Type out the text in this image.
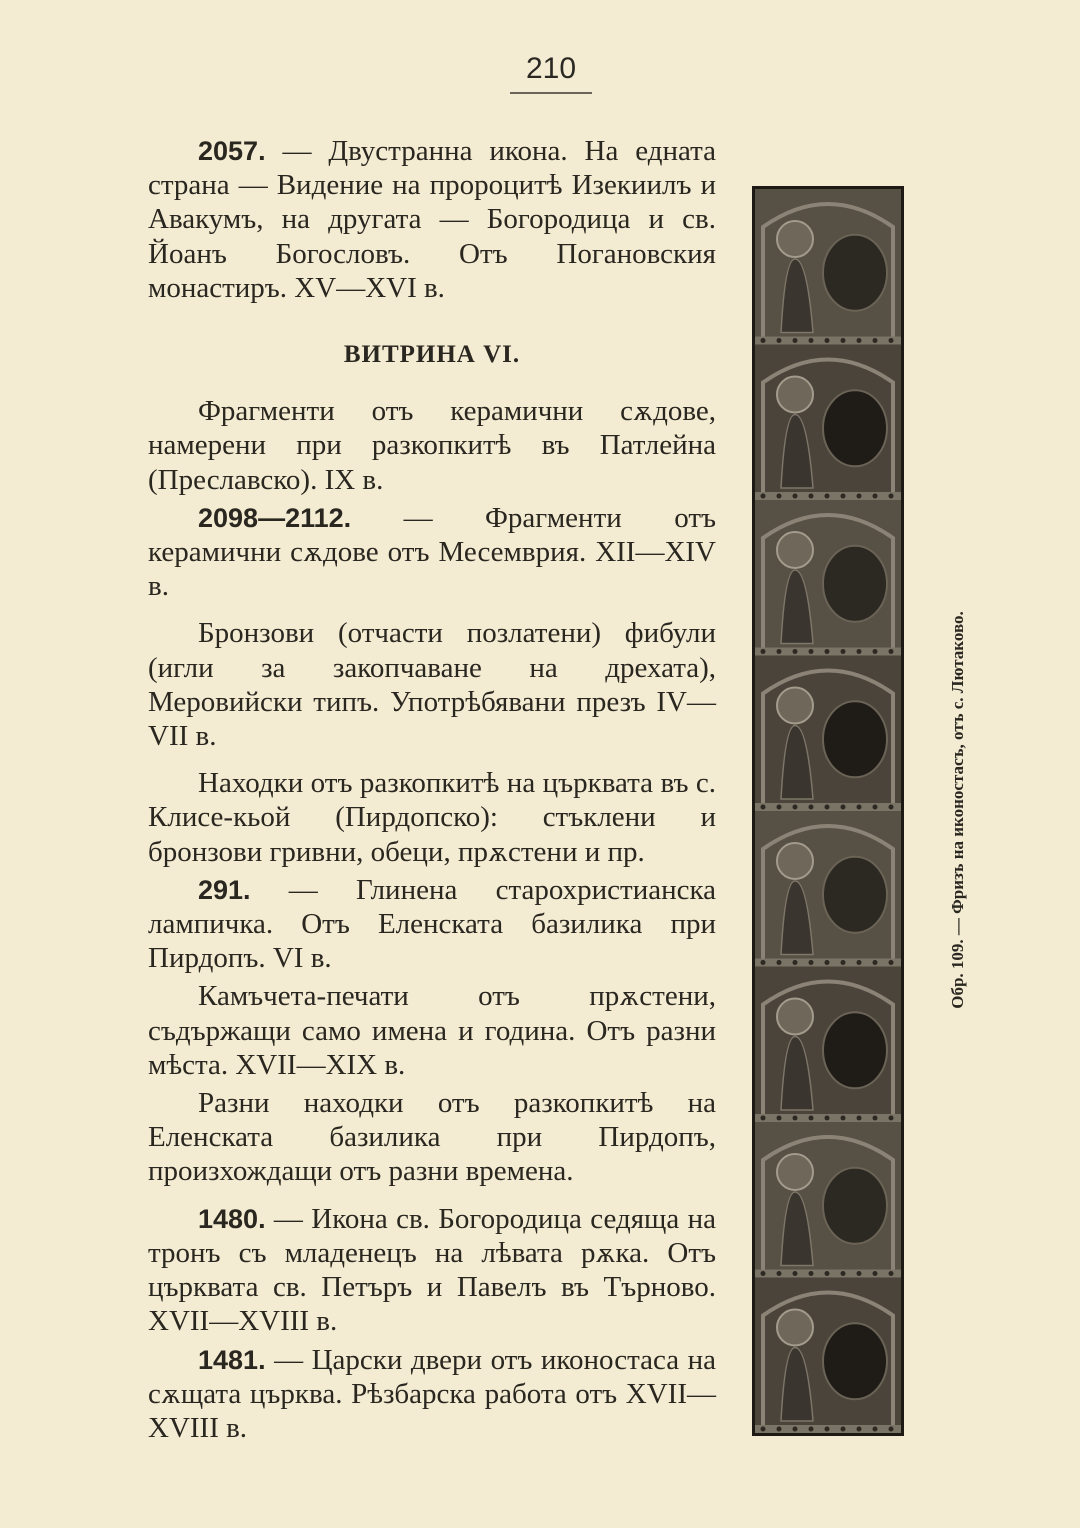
210

2057. — Двустранна икона. На едната страна — Видение на пророцитѣ Изекиилъ и Авакумъ, на другата — Богородица и св. Йоанъ Богословъ. Отъ Погановския монастиръ. XV—XVI в.

ВИТРИНА VI.

Фрагменти отъ керамични сѫдове, намерени при разкопкитѣ въ Патлейна (Преславско). IX в.

2098—2112. — Фрагменти отъ керамични сѫдове отъ Месемврия. XII—XIV в.

Бронзови (отчасти позлатени) фибули (игли за закопчаване на дрехата), Меровийски типъ. Употрѣбявани презъ IV—VII в.

Находки отъ разкопкитѣ на църквата въ с. Клисе-кьой (Пирдопско): стъклени и бронзови гривни, обеци, прѫстени и пр.

291. — Глинена старохристианска лампичка. Отъ Еленската базилика при Пирдопъ. VI в.

Камъчета-печати отъ прѫстени, съдържащи само имена и година. Отъ разни мѣста. XVII—XIX в.

Разни находки отъ разкопкитѣ на Еленската базилика при Пирдопъ, произхождащи отъ разни времена.

1480. — Икона св. Богородица седяща на тронъ съ младенецъ на лѣвата рѫка. Отъ църквата св. Петъръ и Павелъ въ Търново. XVII—XVIII в.

1481. — Царски двери отъ иконостаса на сѫщата църква. Рѣзбарска работа отъ XVII—XVIII в.

Обр. 109. — Фризъ на иконостасъ, отъ с. Лютаково.
